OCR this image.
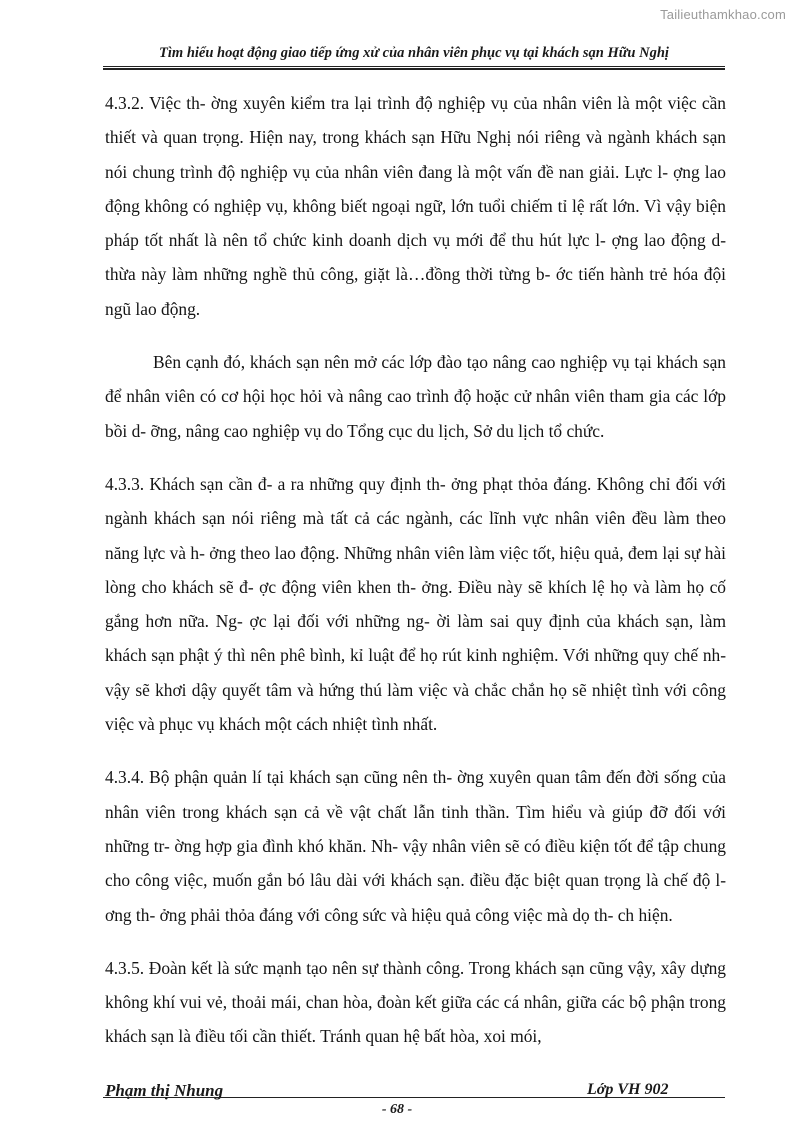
Tailieuthamkhao.com
Tìm hiểu hoạt động giao tiếp ứng xử của nhân viên phục vụ tại khách sạn Hữu Nghị

4.3.2. Việc th- ờng xuyên kiểm tra lại trình độ nghiệp vụ của nhân viên là một việc cần thiết và quan trọng. Hiện nay, trong khách sạn Hữu Nghị nói riêng và ngành khách sạn nói chung trình độ nghiệp vụ của nhân viên đang là một vấn đề nan giải. Lực l- ợng lao động không có nghiệp vụ, không biết ngoại ngữ, lớn tuổi chiếm tỉ lệ rất lớn. Vì vậy biện pháp tốt nhất là nên tổ chức kinh doanh dịch vụ mới để thu hút lực l- ợng lao động d- thừa này làm những nghề thủ công, giặt là…đồng thời từng b- ớc tiến hành trẻ hóa đội ngũ lao động.

Bên cạnh đó, khách sạn nên mở các lớp đào tạo nâng cao nghiệp vụ tại khách sạn để nhân viên có cơ hội học hỏi và nâng cao trình độ hoặc cử nhân viên tham gia các lớp bồi d- ỡng, nâng cao nghiệp vụ do Tổng cục du lịch, Sở du lịch tổ chức.

4.3.3. Khách sạn cần đ- a ra những quy định th- ởng phạt thỏa đáng. Không chỉ đối với ngành khách sạn nói riêng mà tất cả các ngành, các lĩnh vực nhân viên đều làm theo năng lực và h- ởng theo lao động. Những nhân viên làm việc tốt, hiệu quả, đem lại sự hài lòng cho khách sẽ đ- ợc động viên khen th- ởng. Điều này sẽ khích lệ họ và làm họ cố gắng hơn nữa. Ng- ợc lại đối với những ng- ời làm sai quy định của khách sạn, làm khách sạn phật ý thì nên phê bình, kỉ luật để họ rút kinh nghiệm. Với những quy chế nh- vậy sẽ khơi dậy quyết tâm và hứng thú làm việc và chắc chắn họ sẽ nhiệt tình với công việc và phục vụ khách một cách nhiệt tình nhất.

4.3.4. Bộ phận quản lí tại khách sạn cũng nên th- ờng xuyên quan tâm đến đời sống của nhân viên trong khách sạn cả về vật chất lẫn tinh thần. Tìm hiểu và giúp đỡ đối với những tr- ờng hợp gia đình khó khăn. Nh- vậy nhân viên sẽ có điều kiện tốt để tập chung cho công việc, muốn gắn bó lâu dài với khách sạn. điều đặc biệt quan trọng là chế độ l- ơng th- ởng phải thỏa đáng với công sức và hiệu quả công việc mà dọ th- ch hiện.

4.3.5. Đoàn kết là sức mạnh tạo nên sự thành công. Trong khách sạn cũng vậy, xây dựng không khí vui vẻ, thoải mái, chan hòa, đoàn kết giữa các cá nhân, giữa các bộ phận trong khách sạn là điều tối cần thiết. Tránh quan hệ bất hòa, xoi mói,

Phạm thị Nhung	Lớp VH 902
- 68 -
